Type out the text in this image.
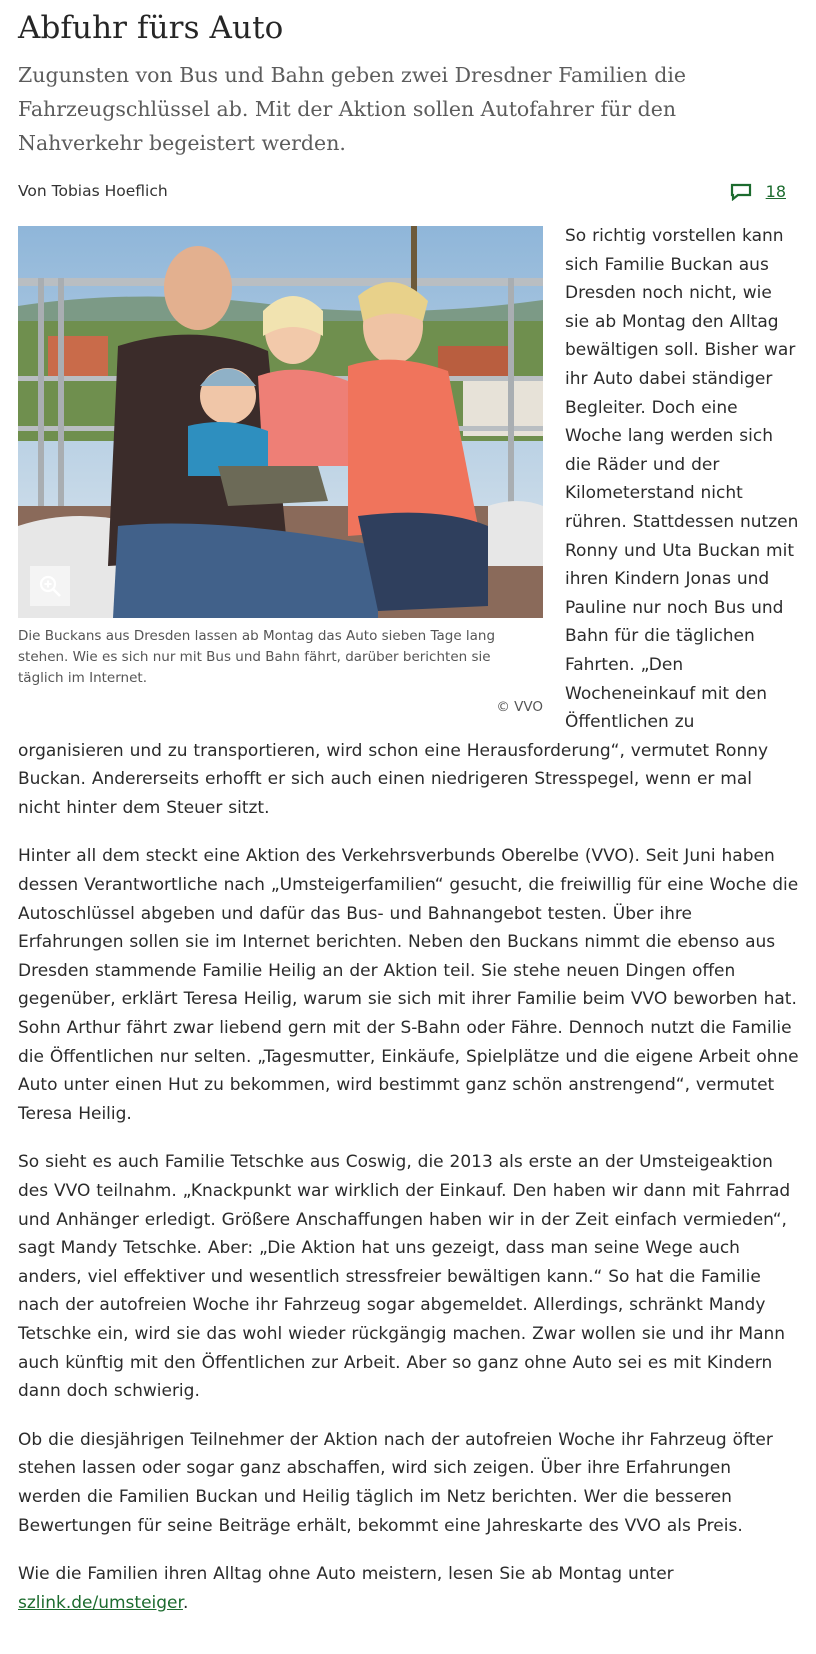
Abfuhr fürs Auto
Zugunsten von Bus und Bahn geben zwei Dresdner Familien die Fahrzeugschlüssel ab. Mit der Aktion sollen Autofahrer für den Nahverkehr begeistert werden.
Von Tobias Hoeflich	18
Die Buckans aus Dresden lassen ab Montag das Auto sieben Tage lang stehen. Wie es sich nur mit Bus und Bahn fährt, darüber berichten sie täglich im Internet.
© VVO

So richtig vorstellen kann sich Familie Buckan aus Dresden noch nicht, wie sie ab Montag den Alltag bewältigen soll. Bisher war ihr Auto dabei ständiger Begleiter. Doch eine Woche lang werden sich die Räder und der Kilometerstand nicht rühren. Stattdessen nutzen Ronny und Uta Buckan mit ihren Kindern Jonas und Pauline nur noch Bus und Bahn für die täglichen Fahrten. „Den Wocheneinkauf mit den Öffentlichen zu organisieren und zu transportieren, wird schon eine Herausforderung“, vermutet Ronny Buckan. Andererseits erhofft er sich auch einen niedrigeren Stresspegel, wenn er mal nicht hinter dem Steuer sitzt.

Hinter all dem steckt eine Aktion des Verkehrsverbunds Oberelbe (VVO). Seit Juni haben dessen Verantwortliche nach „Umsteigerfamilien“ gesucht, die freiwillig für eine Woche die Autoschlüssel abgeben und dafür das Bus- und Bahnangebot testen. Über ihre Erfahrungen sollen sie im Internet berichten. Neben den Buckans nimmt die ebenso aus Dresden stammende Familie Heilig an der Aktion teil. Sie stehe neuen Dingen offen gegenüber, erklärt Teresa Heilig, warum sie sich mit ihrer Familie beim VVO beworben hat. Sohn Arthur fährt zwar liebend gern mit der S-Bahn oder Fähre. Dennoch nutzt die Familie die Öffentlichen nur selten. „Tagesmutter, Einkäufe, Spielplätze und die eigene Arbeit ohne Auto unter einen Hut zu bekommen, wird bestimmt ganz schön anstrengend“, vermutet Teresa Heilig.

So sieht es auch Familie Tetschke aus Coswig, die 2013 als erste an der Umsteigeaktion des VVO teilnahm. „Knackpunkt war wirklich der Einkauf. Den haben wir dann mit Fahrrad und Anhänger erledigt. Größere Anschaffungen haben wir in der Zeit einfach vermieden“, sagt Mandy Tetschke. Aber: „Die Aktion hat uns gezeigt, dass man seine Wege auch anders, viel effektiver und wesentlich stressfreier bewältigen kann.“ So hat die Familie nach der autofreien Woche ihr Fahrzeug sogar abgemeldet. Allerdings, schränkt Mandy Tetschke ein, wird sie das wohl wieder rückgängig machen. Zwar wollen sie und ihr Mann auch künftig mit den Öffentlichen zur Arbeit. Aber so ganz ohne Auto sei es mit Kindern dann doch schwierig.

Ob die diesjährigen Teilnehmer der Aktion nach der autofreien Woche ihr Fahrzeug öfter stehen lassen oder sogar ganz abschaffen, wird sich zeigen. Über ihre Erfahrungen werden die Familien Buckan und Heilig täglich im Netz berichten. Wer die besseren Bewertungen für seine Beiträge erhält, bekommt eine Jahreskarte des VVO als Preis.

Wie die Familien ihren Alltag ohne Auto meistern, lesen Sie ab Montag unter szlink.de/umsteiger.
